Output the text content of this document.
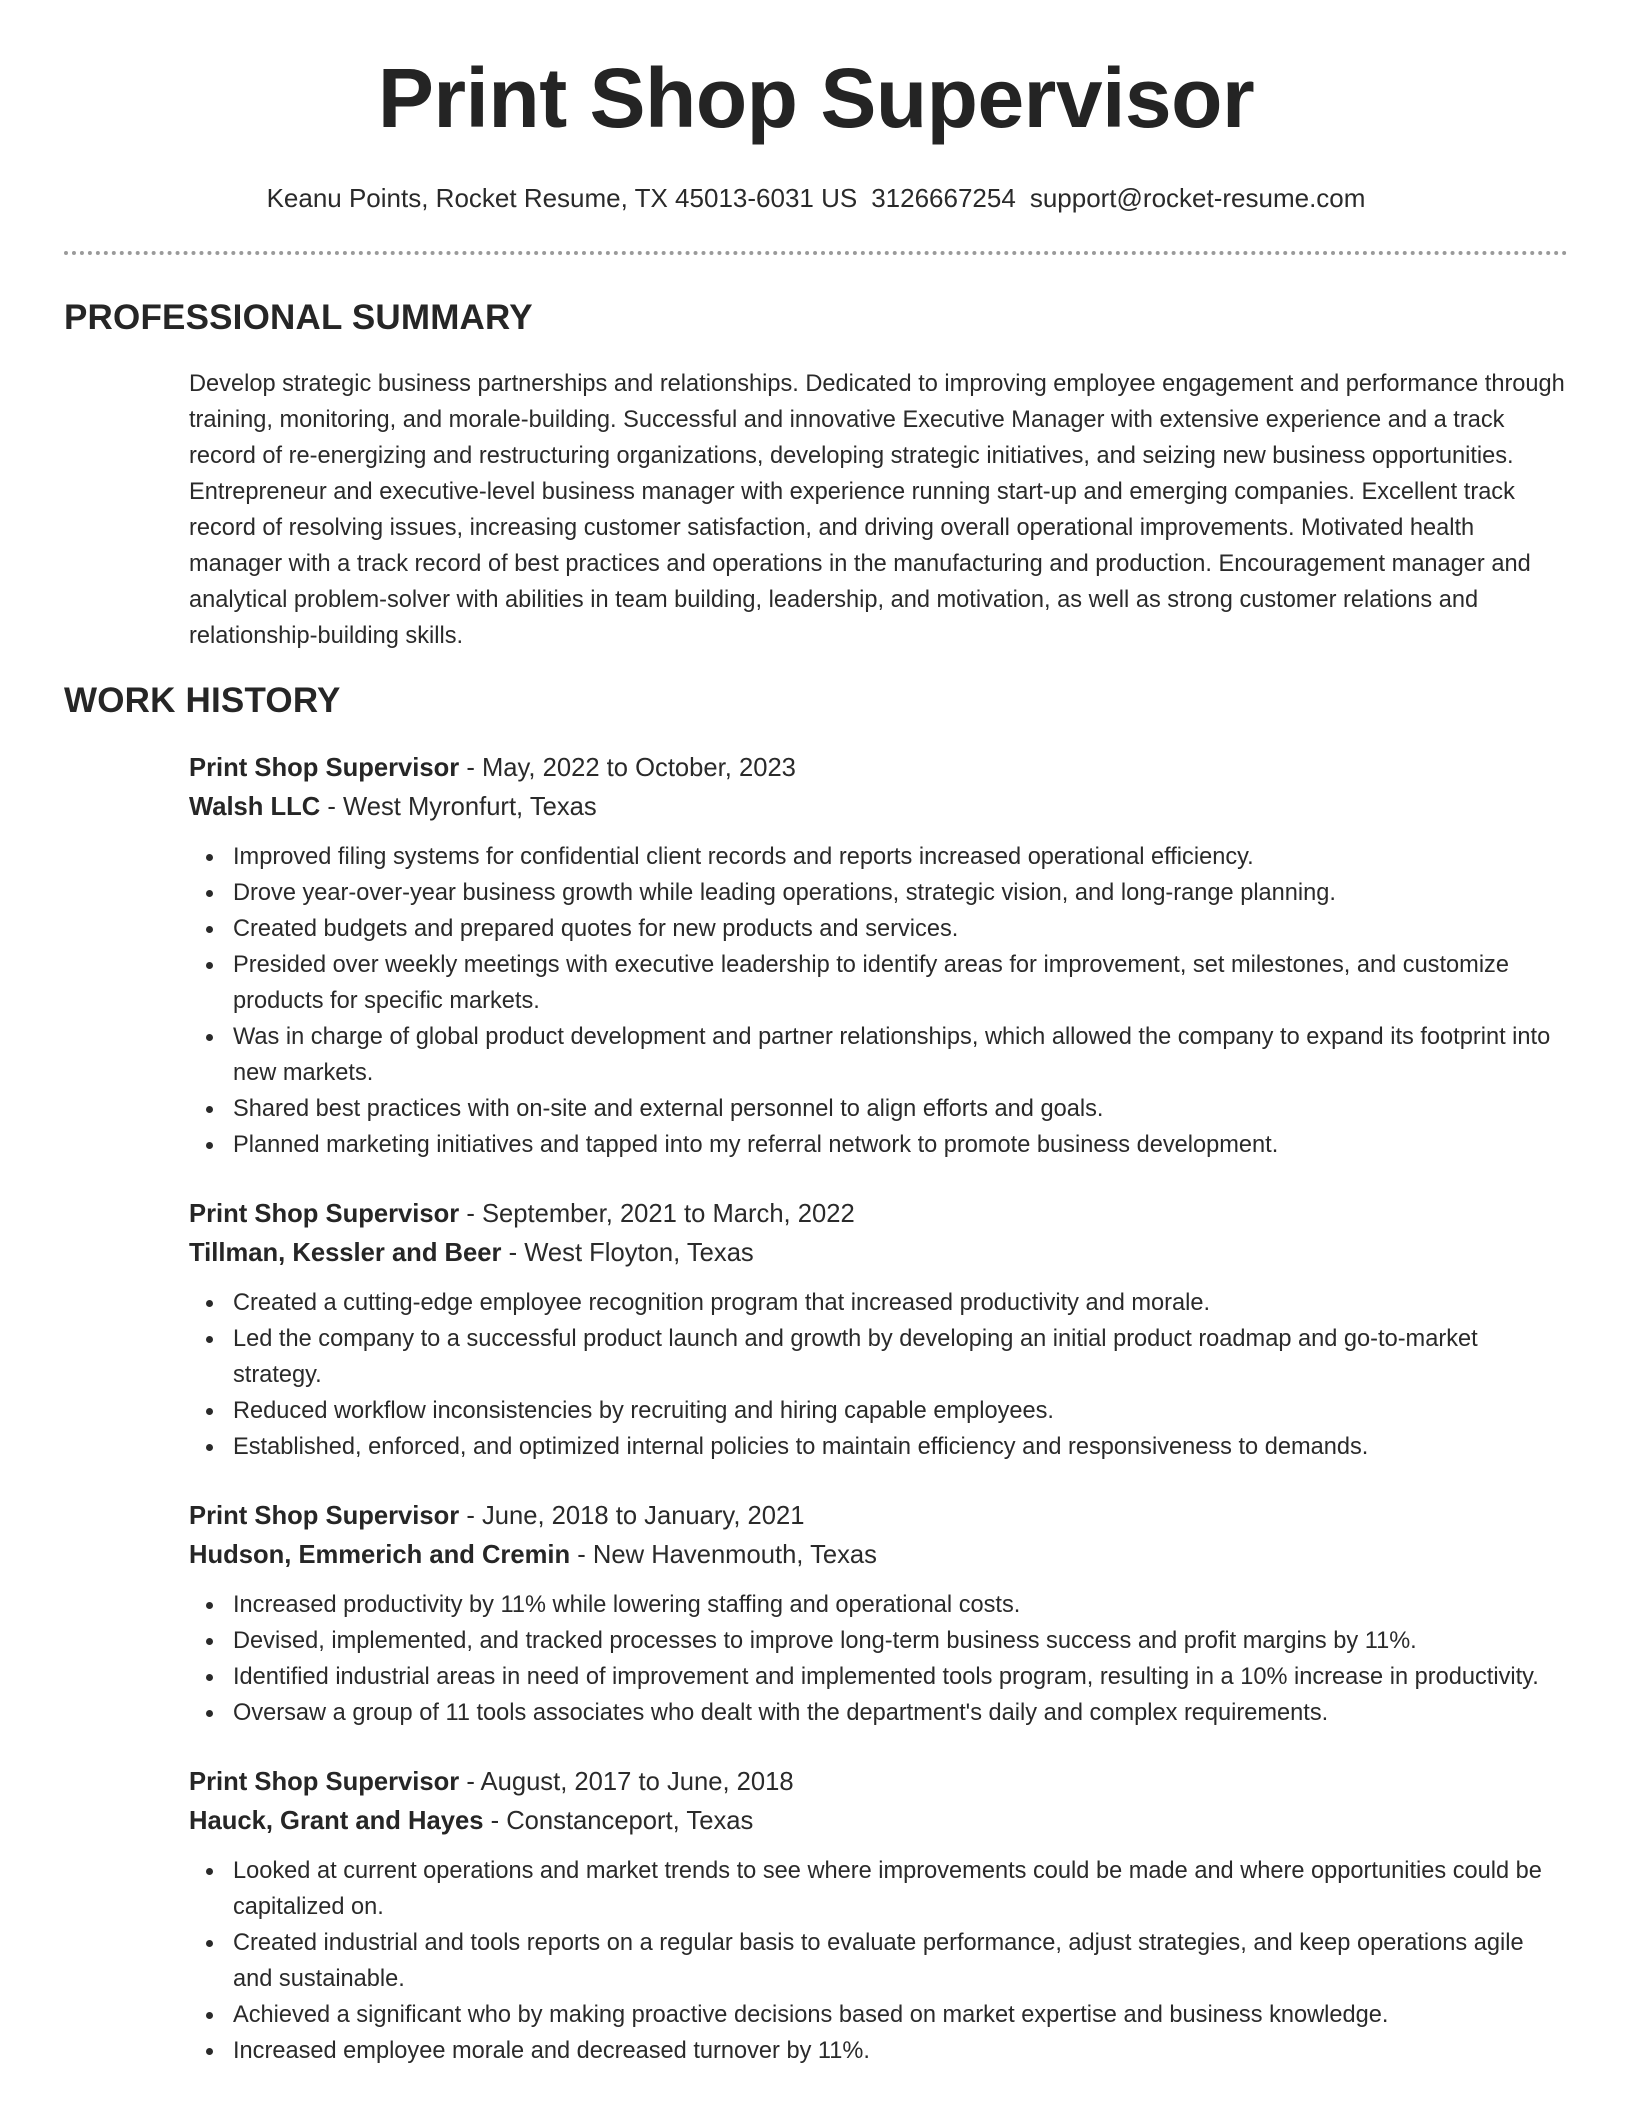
Print Shop Supervisor
Keanu Points, Rocket Resume, TX 45013-6031 US 3126667254 support@rocket-resume.com
PROFESSIONAL SUMMARY

Develop strategic business partnerships and relationships. Dedicated to improving employee engagement and performance through training, monitoring, and morale-building. Successful and innovative Executive Manager with extensive experience and a track record of re-energizing and restructuring organizations, developing strategic initiatives, and seizing new business opportunities. Entrepreneur and executive-level business manager with experience running start-up and emerging companies. Excellent track record of resolving issues, increasing customer satisfaction, and driving overall operational improvements. Motivated health manager with a track record of best practices and operations in the manufacturing and production. Encouragement manager and analytical problem-solver with abilities in team building, leadership, and motivation, as well as strong customer relations and relationship-building skills.

WORK HISTORY
Print Shop Supervisor - May, 2022 to October, 2023
Walsh LLC - West Myronfurt, Texas
Improved filing systems for confidential client records and reports increased operational efficiency.
Drove year-over-year business growth while leading operations, strategic vision, and long-range planning.
Created budgets and prepared quotes for new products and services.
Presided over weekly meetings with executive leadership to identify areas for improvement, set milestones, and customize products for specific markets.
Was in charge of global product development and partner relationships, which allowed the company to expand its footprint into new markets.
Shared best practices with on-site and external personnel to align efforts and goals.
Planned marketing initiatives and tapped into my referral network to promote business development.
Print Shop Supervisor - September, 2021 to March, 2022
Tillman, Kessler and Beer - West Floyton, Texas
Created a cutting-edge employee recognition program that increased productivity and morale.
Led the company to a successful product launch and growth by developing an initial product roadmap and go-to-market strategy.
Reduced workflow inconsistencies by recruiting and hiring capable employees.
Established, enforced, and optimized internal policies to maintain efficiency and responsiveness to demands.
Print Shop Supervisor - June, 2018 to January, 2021
Hudson, Emmerich and Cremin - New Havenmouth, Texas
Increased productivity by 11% while lowering staffing and operational costs.
Devised, implemented, and tracked processes to improve long-term business success and profit margins by 11%.
Identified industrial areas in need of improvement and implemented tools program, resulting in a 10% increase in productivity.
Oversaw a group of 11 tools associates who dealt with the department's daily and complex requirements.
Print Shop Supervisor - August, 2017 to June, 2018
Hauck, Grant and Hayes - Constanceport, Texas
Looked at current operations and market trends to see where improvements could be made and where opportunities could be capitalized on.
Created industrial and tools reports on a regular basis to evaluate performance, adjust strategies, and keep operations agile and sustainable.
Achieved a significant who by making proactive decisions based on market expertise and business knowledge.
Increased employee morale and decreased turnover by 11%.
